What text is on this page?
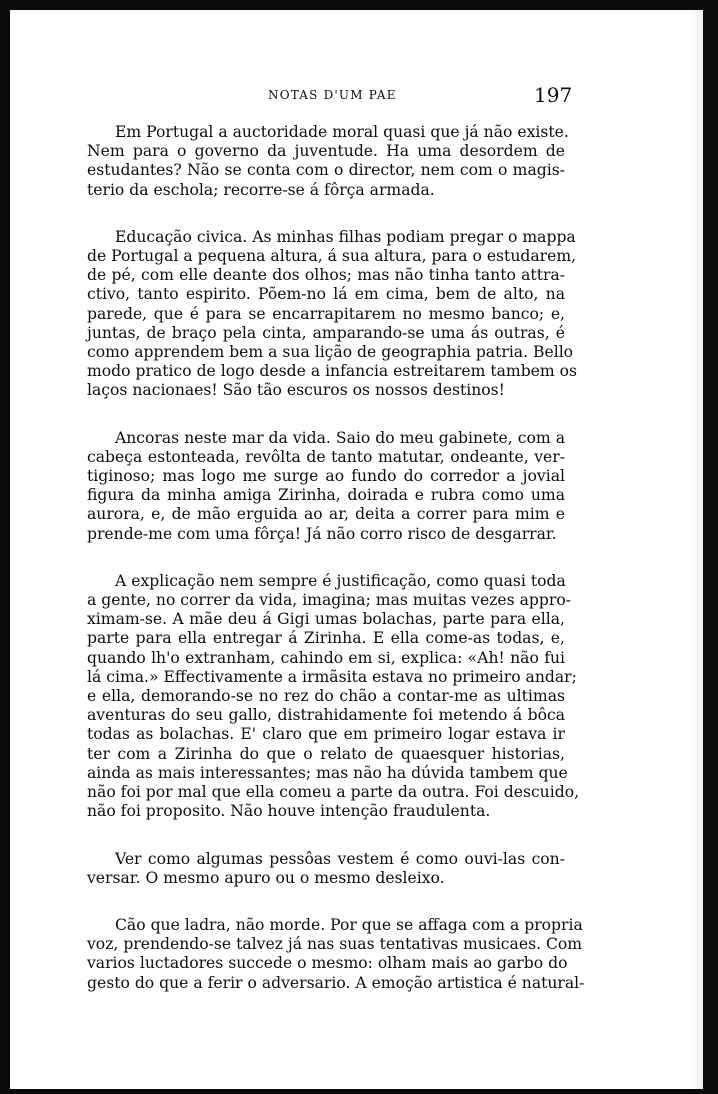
NOTAS D'UM PAE	197

Em Portugal a auctoridade moral quasi que já não existe.
Nem para o governo da juventude. Ha uma desordem de
estudantes? Não se conta com o director, nem com o magis-
terio da eschola; recorre-se á fôrça armada.

Educação civica. As minhas filhas podiam pregar o mappa
de Portugal a pequena altura, á sua altura, para o estudarem,
de pé, com elle deante dos olhos; mas não tinha tanto attra-
ctivo, tanto espirito. Põem-no lá em cima, bem de alto, na
parede, que é para se encarrapitarem no mesmo banco; e,
juntas, de braço pela cinta, amparando-se uma ás outras, é
como apprendem bem a sua lição de geographia patria. Bello
modo pratico de logo desde a infancia estreitarem tambem os
laços nacionaes! São tão escuros os nossos destinos!

Ancoras neste mar da vida. Saio do meu gabinete, com a
cabeça estonteada, revôlta de tanto matutar, ondeante, ver-
tiginoso; mas logo me surge ao fundo do corredor a jovial
figura da minha amiga Zirinha, doirada e rubra como uma
aurora, e, de mão erguida ao ar, deita a correr para mim e
prende-me com uma fôrça! Já não corro risco de desgarrar.

A explicação nem sempre é justificação, como quasi toda
a gente, no correr da vida, imagina; mas muitas vezes appro-
ximam-se. A mãe deu á Gigi umas bolachas, parte para ella,
parte para ella entregar á Zirinha. E ella come-as todas, e,
quando lh'o extranham, cahindo em si, explica: «Ah! não fui
lá cima.» Effectivamente a irmãsita estava no primeiro andar;
e ella, demorando-se no rez do chão a contar-me as ultimas
aventuras do seu gallo, distrahidamente foi metendo á bôca
todas as bolachas. E' claro que em primeiro logar estava ir
ter com a Zirinha do que o relato de quaesquer historias,
ainda as mais interessantes; mas não ha dúvida tambem que
não foi por mal que ella comeu a parte da outra. Foi descuido,
não foi proposito. Não houve intenção fraudulenta.

Ver como algumas pessôas vestem é como ouvi-las con-
versar. O mesmo apuro ou o mesmo desleixo.

Cão que ladra, não morde. Por que se affaga com a propria
voz, prendendo-se talvez já nas suas tentativas musicaes. Com
varios luctadores succede o mesmo: olham mais ao garbo do
gesto do que a ferir o adversario. A emoção artistica é natural-
